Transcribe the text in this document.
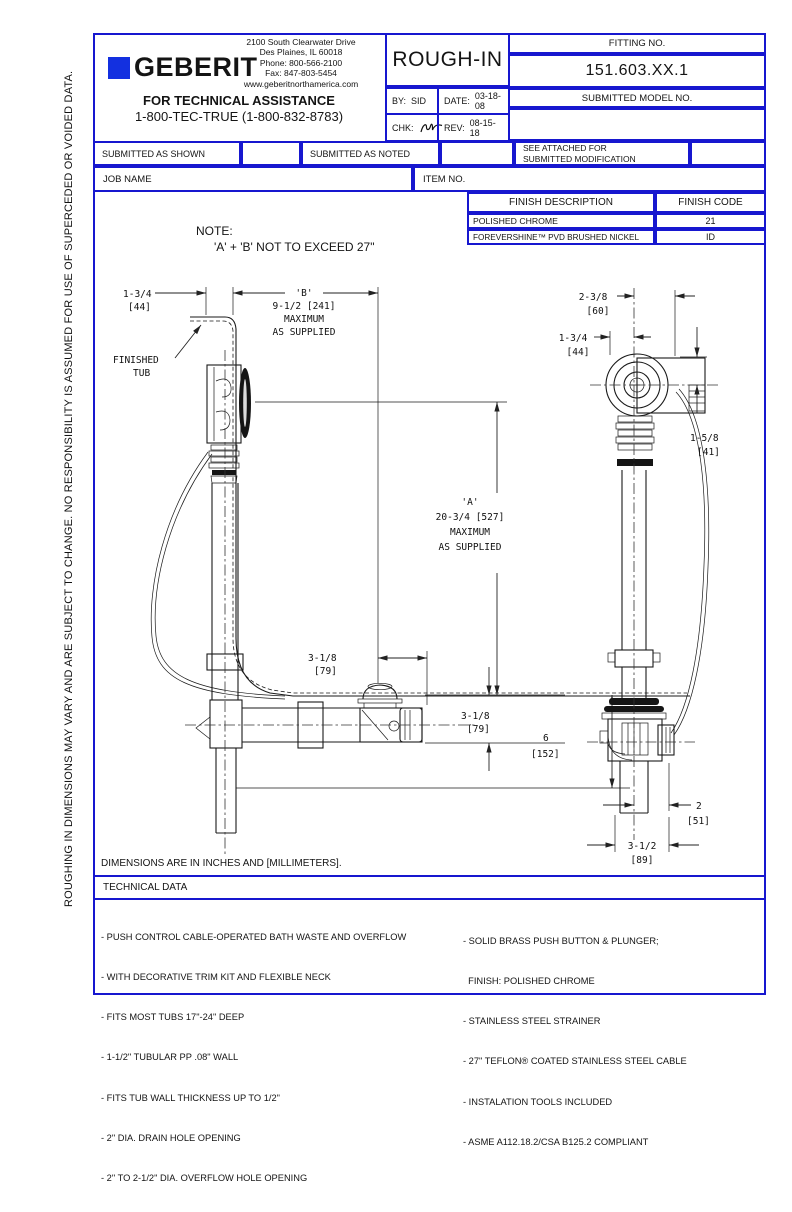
ROUGHING IN DIMENSIONS MAY VARY AND ARE SUBJECT TO CHANGE. NO RESPONSIBILITY IS ASSUMED FOR USE OF SUPERCEDED OR VOIDED DATA.
GEBERIT
2100 South Clearwater Drive
Des Plaines, IL 60018
Phone: 800-566-2100
Fax: 847-803-5454
www.geberitnorthamerica.com
FOR TECHNICAL ASSISTANCE
1-800-TEC-TRUE (1-800-832-8783)
ROUGH-IN
BY: SID DATE: 03-18-08
CHK:	REV: 08-15-18
FITTING NO.
151.603.XX.1
SUBMITTED MODEL NO.
SUBMITTED AS SHOWN	SUBMITTED AS NOTED
SEE ATTACHED FOR
SUBMITTED MODIFICATION
JOB NAME	ITEM NO.
FINISH DESCRIPTION	FINISH CODE
POLISHED CHROME	21
FOREVERSHINE™ PVD BRUSHED NICKEL	ID
NOTE:
'A' + 'B' NOT TO EXCEED 27"
1-3/4
[44]
'B'
9-1/2 [241]
MAXIMUM
AS SUPPLIED
FINISHED
TUB
'A'
20-3/4 [527]
MAXIMUM
AS SUPPLIED
3-1/8
[79]
3-1/8
[79]
6
[152]
2-3/8
[60]
1-3/4
[44]
1-5/8
[41]
2
[51]
3-1/2
[89]
DIMENSIONS ARE IN INCHES AND [MILLIMETERS].
TECHNICAL DATA

- PUSH CONTROL CABLE-OPERATED BATH WASTE AND OVERFLOW

- WITH DECORATIVE TRIM KIT AND FLEXIBLE NECK

- FITS MOST TUBS 17"-24" DEEP

- 1-1/2" TUBULAR PP .08" WALL

- FITS TUB WALL THICKNESS UP TO 1/2"

- 2" DIA. DRAIN HOLE OPENING

- 2" TO 2-1/2" DIA. OVERFLOW HOLE OPENING

- SOLID BRASS PUSH BUTTON & PLUNGER;

FINISH: POLISHED CHROME

- STAINLESS STEEL STRAINER

- 27" TEFLON® COATED STAINLESS STEEL CABLE

- INSTALATION TOOLS INCLUDED

- ASME A112.18.2/CSA B125.2 COMPLIANT
